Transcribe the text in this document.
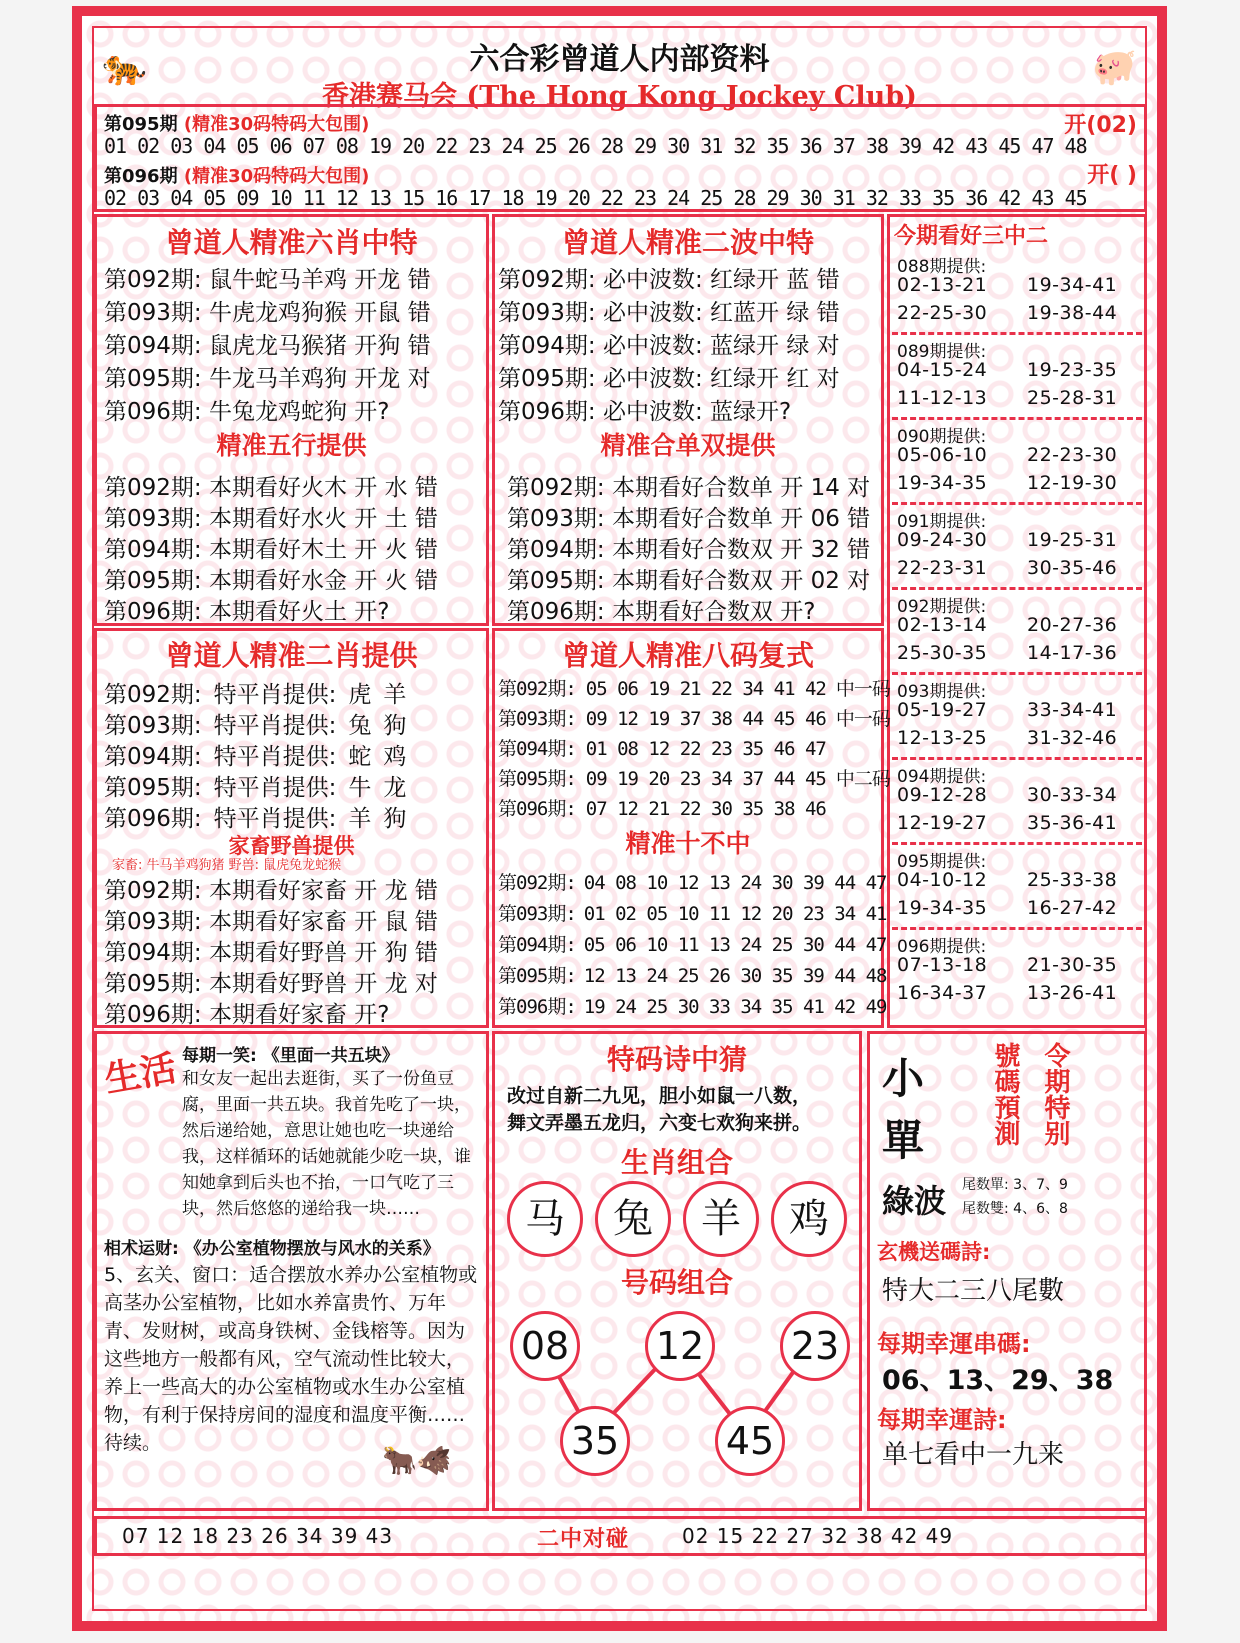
🐅	🐖
六合彩曾道人内部资料
香港赛马会 (The Hong Kong Jockey Club)
第095期 (精准30码特码大包围)	开(02)
01 02 03 04 05 06 07 08 19 20 22 23 24 25 26 28 29 30 31 32 35 36 37 38 39 42 43 45 47 48
第096期 (精准30码特码大包围)	开( )
02 03 04 05 09 10 11 12 13 15 16 17 18 19 20 22 23 24 25 28 29 30 31 32 33 35 36 42 43 45
曾道人精准六肖中特
精准五行提供
曾道人精准二波中特
精准合单双提供
曾道人精准二肖提供
家畜野兽提供
家畜: 牛马羊鸡狗猪 野兽: 鼠虎兔龙蛇猴
曾道人精准八码复式
精准十不中
今期看好三中二
生活 每期一笑: 《里面一共五块》
和女友一起出去逛街，买了一份鱼豆腐，里面一共五块。我首先吃了一块，然后递给她，意思让她也吃一块递给我，这样循环的话她就能少吃一块，谁知她拿到后头也不抬，一口气吃了三块，然后悠悠的递给我一块……
相术运财: 《办公室植物摆放与风水的关系》
5、玄关、窗口：适合摆放水养办公室植物或高茎办公室植物，比如水养富贵竹、万年青、发财树，或高身铁树、金钱榕等。因为这些地方一般都有风，空气流动性比较大，养上一些高大的办公室植物或水生办公室植物，有利于保持房间的湿度和温度平衡……待续。
🐂🐗
特码诗中猜
改过自新二九见，胆小如鼠一八数，
舞文弄墨五龙归，六变七欢狗来拼。
生肖组合
号码组合
小
單
綠波 尾数單: 3、7、9
尾数雙: 4、6、8
號碼預測 令期特别
玄機送碼詩:
特大二三八尾數
每期幸運串碼:
06、13、29、38
每期幸運詩:
单七看中一九来
07 12 18 23 26 34 39 43	二中对碰	02 15 22 27 32 38 42 49
第092期: 鼠牛蛇马羊鸡 开龙 错
第093期: 牛虎龙鸡狗猴 开鼠 错
第094期: 鼠虎龙马猴猪 开狗 错
第095期: 牛龙马羊鸡狗 开龙 对
第096期: 牛兔龙鸡蛇狗 开?
第092期: 本期看好火木 开 水 错
第093期: 本期看好水火 开 土 错
第094期: 本期看好木土 开 火 错
第095期: 本期看好水金 开 火 错
第096期: 本期看好火土 开?
第092期: 必中波数: 红绿开 蓝 错
第093期: 必中波数: 红蓝开 绿 错
第094期: 必中波数: 蓝绿开 绿 对
第095期: 必中波数: 红绿开 红 对
第096期: 必中波数: 蓝绿开?
第092期: 本期看好合数单 开 14 对
第093期: 本期看好合数单 开 06 错
第094期: 本期看好合数双 开 32 错
第095期: 本期看好合数双 开 02 对
第096期: 本期看好合数双 开?
第092期: 本期看好家畜 开 龙 错
第093期: 本期看好家畜 开 鼠 错
第094期: 本期看好野兽 开 狗 错
第095期: 本期看好野兽 开 龙 对
第096期: 本期看好家畜 开?
第092期: 特平肖提供: 虎 羊
第093期: 特平肖提供: 兔 狗
第094期: 特平肖提供: 蛇 鸡
第095期: 特平肖提供: 牛 龙
第096期: 特平肖提供: 羊 狗
第092期: 05 06 19 21 22 34 41 42 中一码
第093期: 09 12 19 37 38 44 45 46 中一码
第094期: 01 08 12 22 23 35 46 47
第095期: 09 19 20 23 34 37 44 45 中二码
第096期: 07 12 21 22 30 35 38 46
第092期: 04 08 10 12 13 24 30 39 44 47
第093期: 01 02 05 10 11 12 20 23 34 41
第094期: 05 06 10 11 13 24 25 30 44 47
第095期: 12 13 24 25 26 30 35 39 44 48
第096期: 19 24 25 30 33 34 35 41 42 49
088期提供:
02-13-21 19-34-41
22-25-30 19-38-44
089期提供:
04-15-24 19-23-35
11-12-13 25-28-31
090期提供:
05-06-10 22-23-30
19-34-35 12-19-30
091期提供:
09-24-30 19-25-31
22-23-31 30-35-46
092期提供:
02-13-14 20-27-36
25-30-35 14-17-36
093期提供:
05-19-27 33-34-41
12-13-25 31-32-46
094期提供:
09-12-28 30-33-34
12-19-27 35-36-41
095期提供:
04-10-12 25-33-38
19-34-35 16-27-42
096期提供:
07-13-18 21-30-35
16-34-37 13-26-41
马	兔	羊	鸡
08 12 23
35	45
